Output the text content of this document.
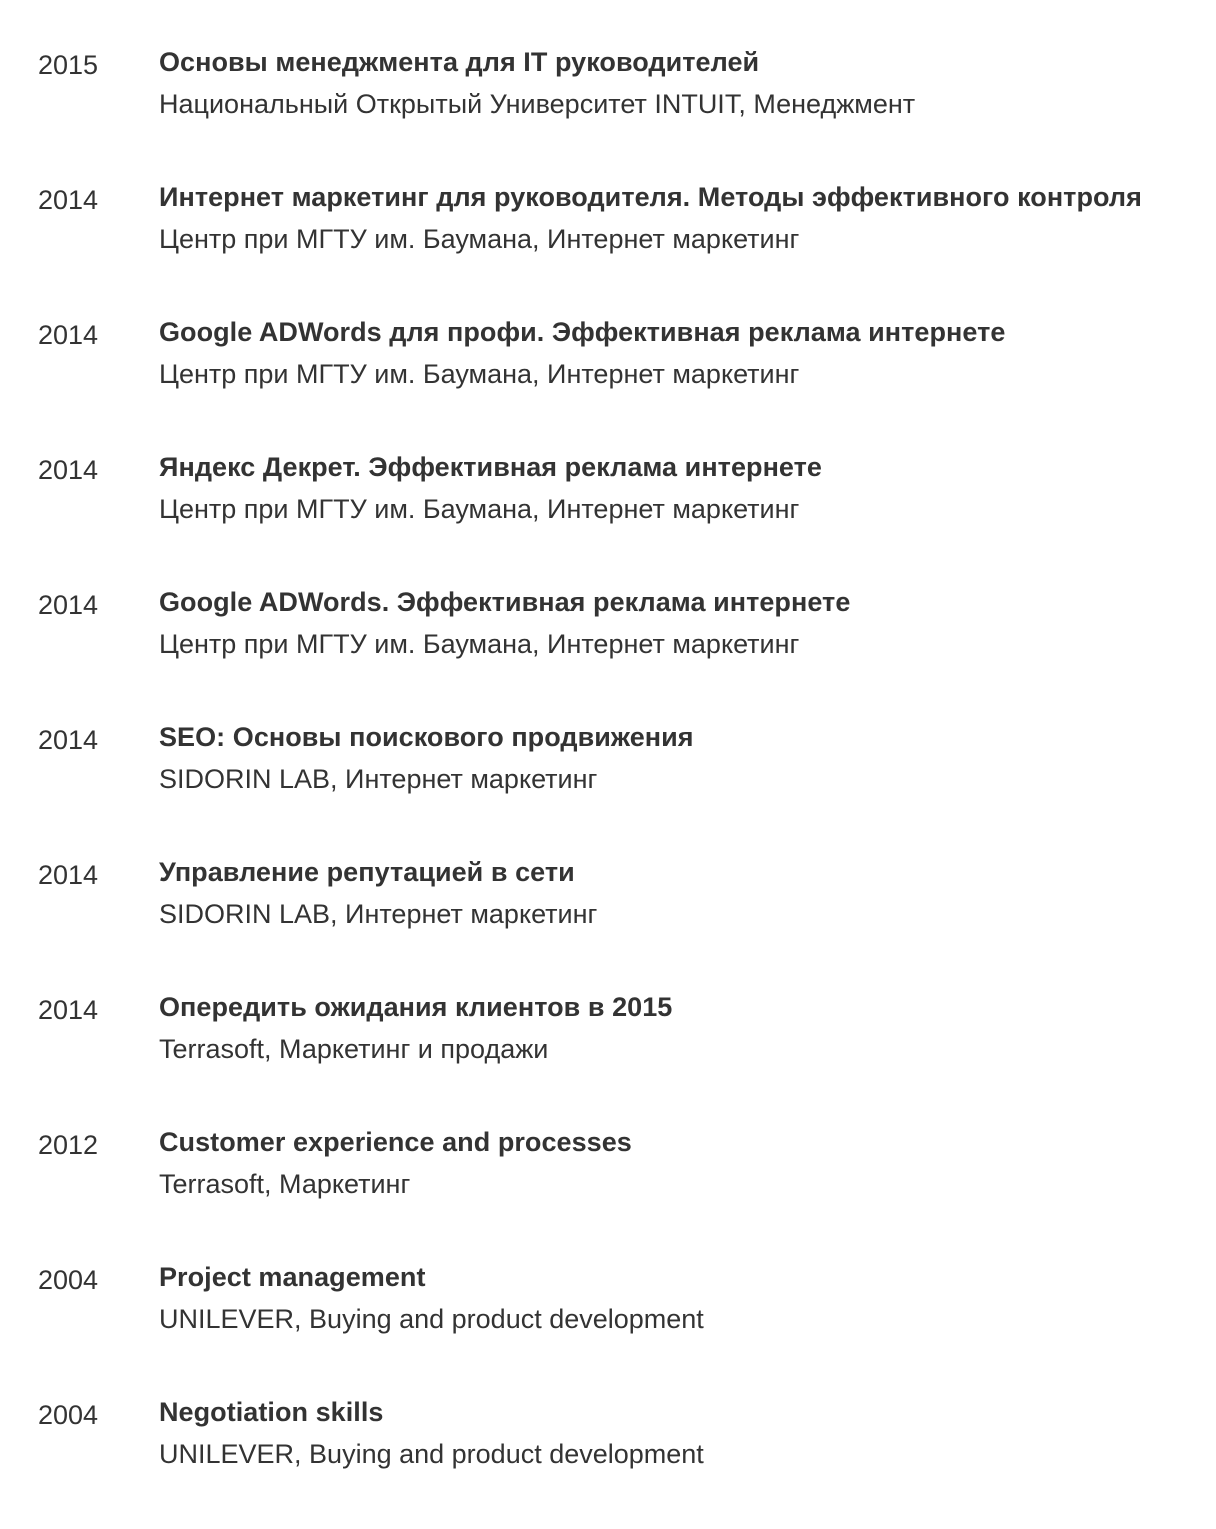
2015	Основы менеджмента для IT руководителей
Национальный Открытый Университет INTUIT, Менеджмент
2014	Интернет маркетинг для руководителя. Методы эффективного контроля
Центр при МГТУ им. Баумана, Интернет маркетинг
2014	Google ADWords для профи. Эффективная реклама интернете
Центр при МГТУ им. Баумана, Интернет маркетинг
2014	Яндекс Декрет. Эффективная реклама интернете
Центр при МГТУ им. Баумана, Интернет маркетинг
2014	Google ADWords. Эффективная реклама интернете
Центр при МГТУ им. Баумана, Интернет маркетинг
2014	SEO: Основы поискового продвижения
SIDORIN LAB, Интернет маркетинг
2014	Управление репутацией в сети
SIDORIN LAB, Интернет маркетинг
2014	Опередить ожидания клиентов в 2015
Terrasoft, Маркетинг и продажи
2012	Customer experience and processes
Terrasoft, Маркетинг
2004	Project management
UNILEVER, Buying and product development
2004	Negotiation skills
UNILEVER, Buying and product development
